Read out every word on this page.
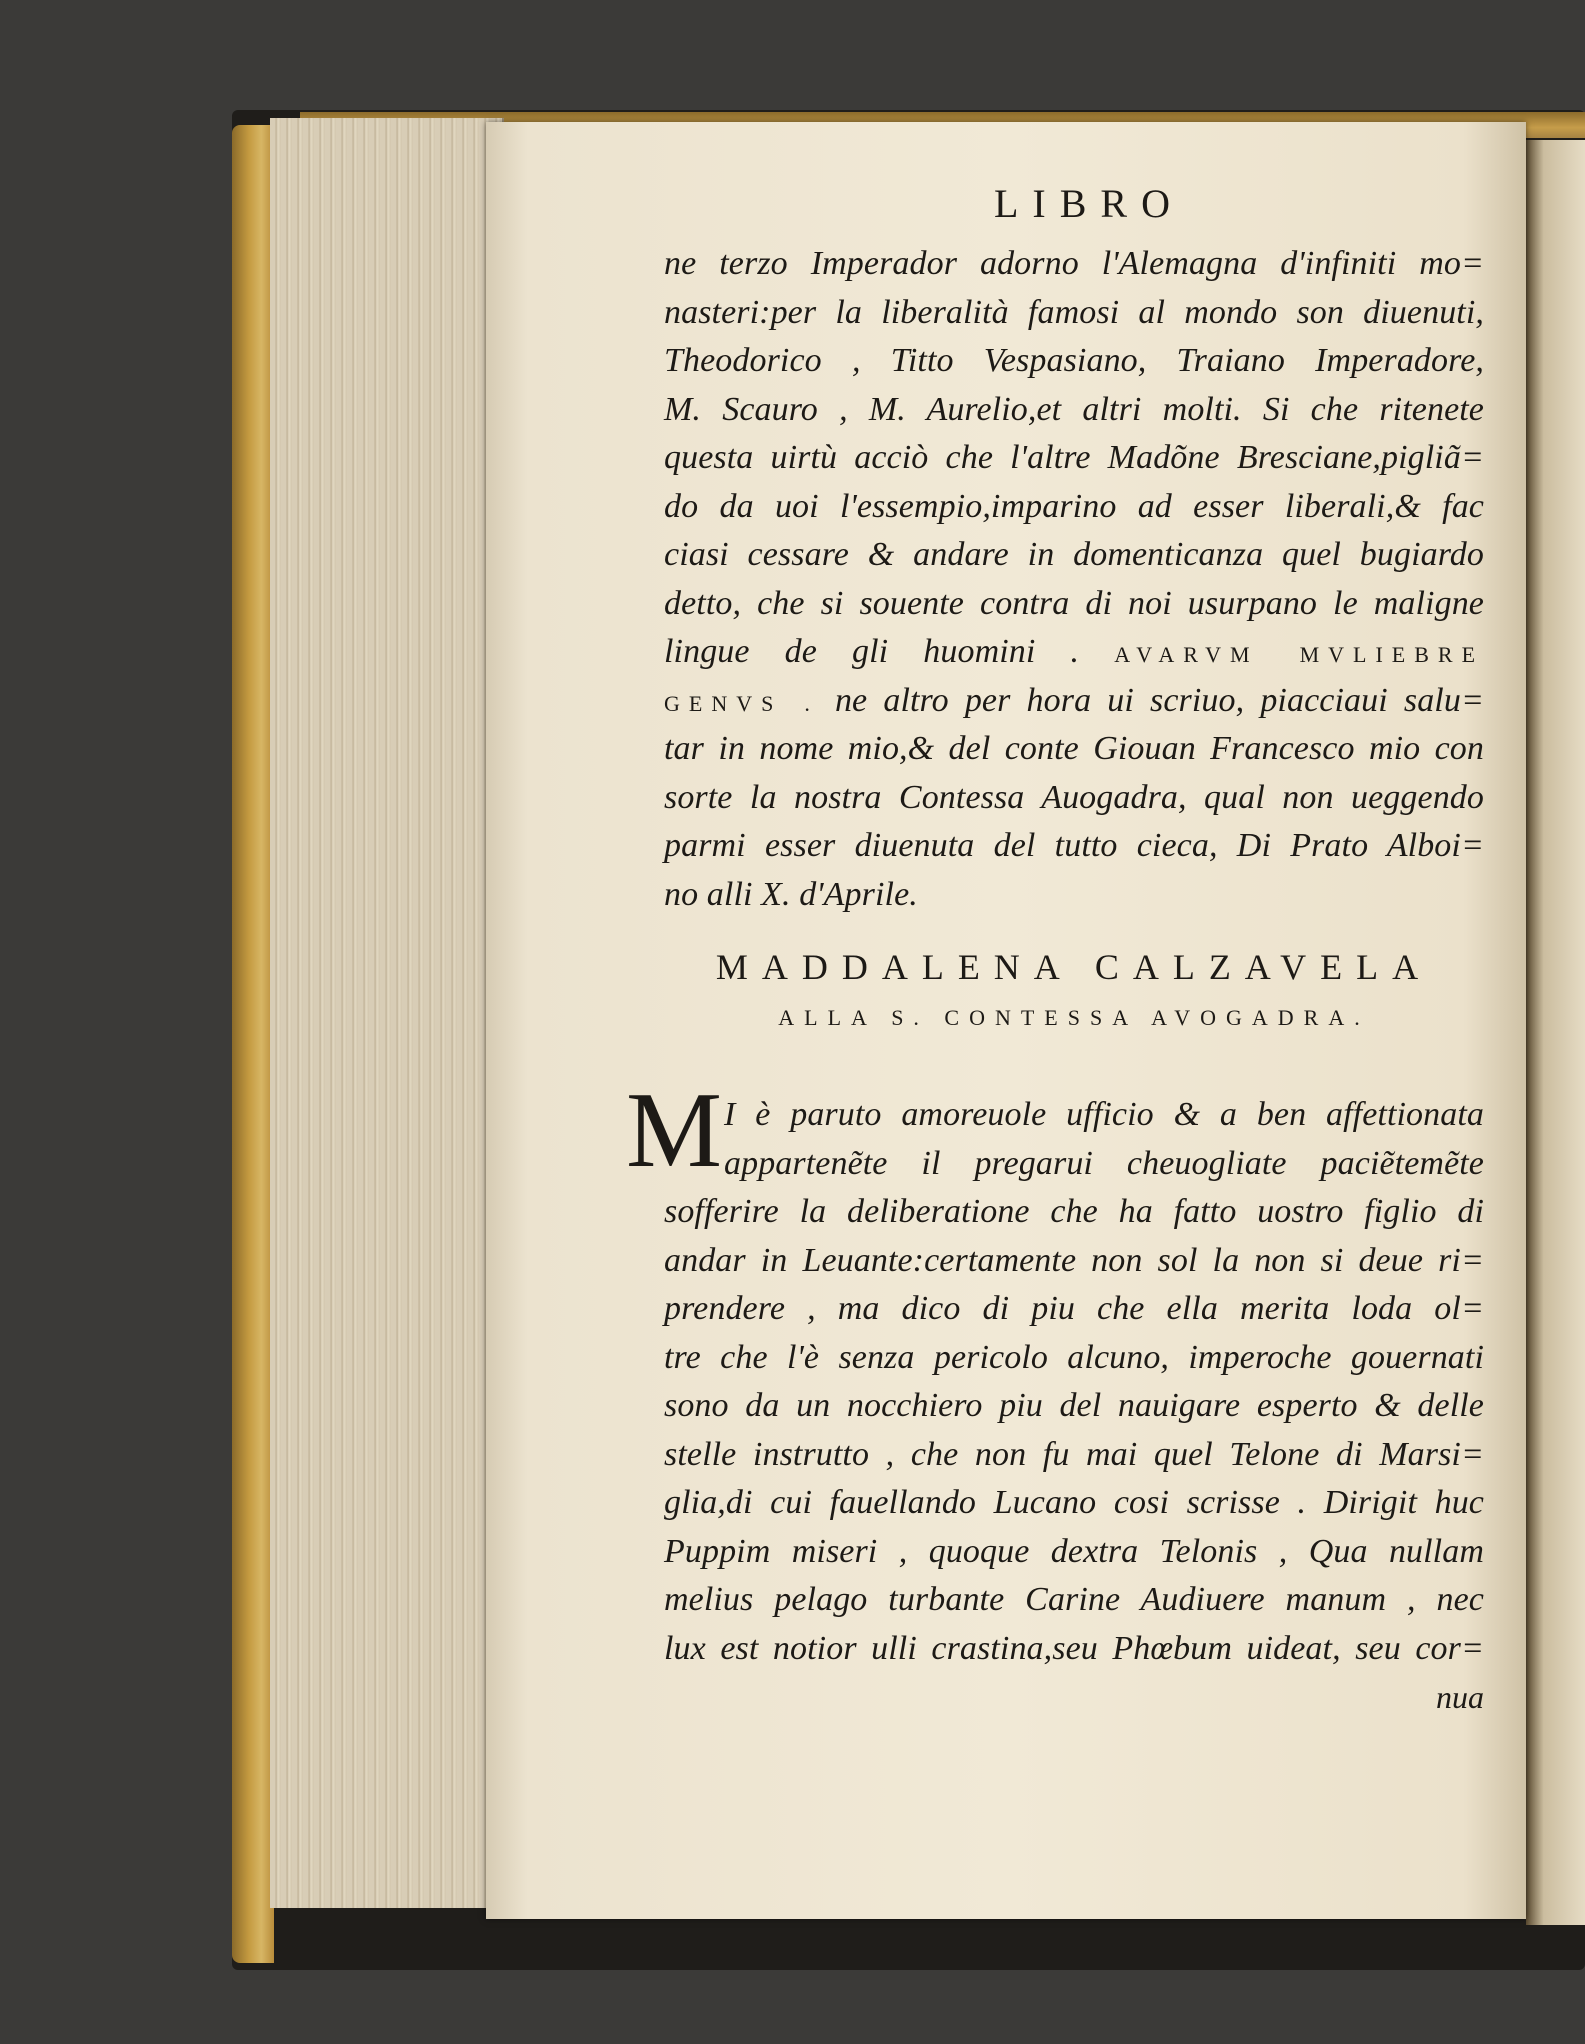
LIBRO
ne terzo Imperador adorno l'Alemagna d'infiniti mo=
nasteri:per la liberalità famosi al mondo son diuenuti,
Theodorico , Titto Vespasiano, Traiano Imperadore,
M. Scauro , M. Aurelio,et altri molti. Si che ritenete
questa uirtù acciò che l'altre Madõne Bresciane,pigliã=
do da uoi l'essempio,imparino ad esser liberali,& fac
ciasi cessare & andare in domenticanza quel bugiardo
detto, che si souente contra di noi usurpano le maligne
lingue de gli huomini . AVARVM MVLIEBRE
GENVS . ne altro per hora ui scriuo, piacciaui salu=
tar in nome mio,& del conte Giouan Francesco mio con
sorte la nostra Contessa Auogadra, qual non ueggendo
parmi esser diuenuta del tutto cieca, Di Prato Alboi=
no alli X. d'Aprile.
MADDALENA CALZAVELA
ALLA S. CONTESSA AVOGADRA.
M I è paruto amoreuole ufficio & a ben affettionata
appartenẽte il pregarui cheuogliate paciẽtemẽte
sofferire la deliberatione che ha fatto uostro figlio di
andar in Leuante:certamente non sol la non si deue ri=
prendere , ma dico di piu che ella merita loda ol=
tre che l'è senza pericolo alcuno, imperoche gouernati
sono da un nocchiero piu del nauigare esperto & delle
stelle instrutto , che non fu mai quel Telone di Marsi=
glia,di cui fauellando Lucano cosi scrisse . Dirigit huc
Puppim miseri , quoque dextra Telonis , Qua nullam
melius pelago turbante Carine Audiuere manum , nec
lux est notior ulli crastina,seu Phœbum uideat, seu cor=
nua
